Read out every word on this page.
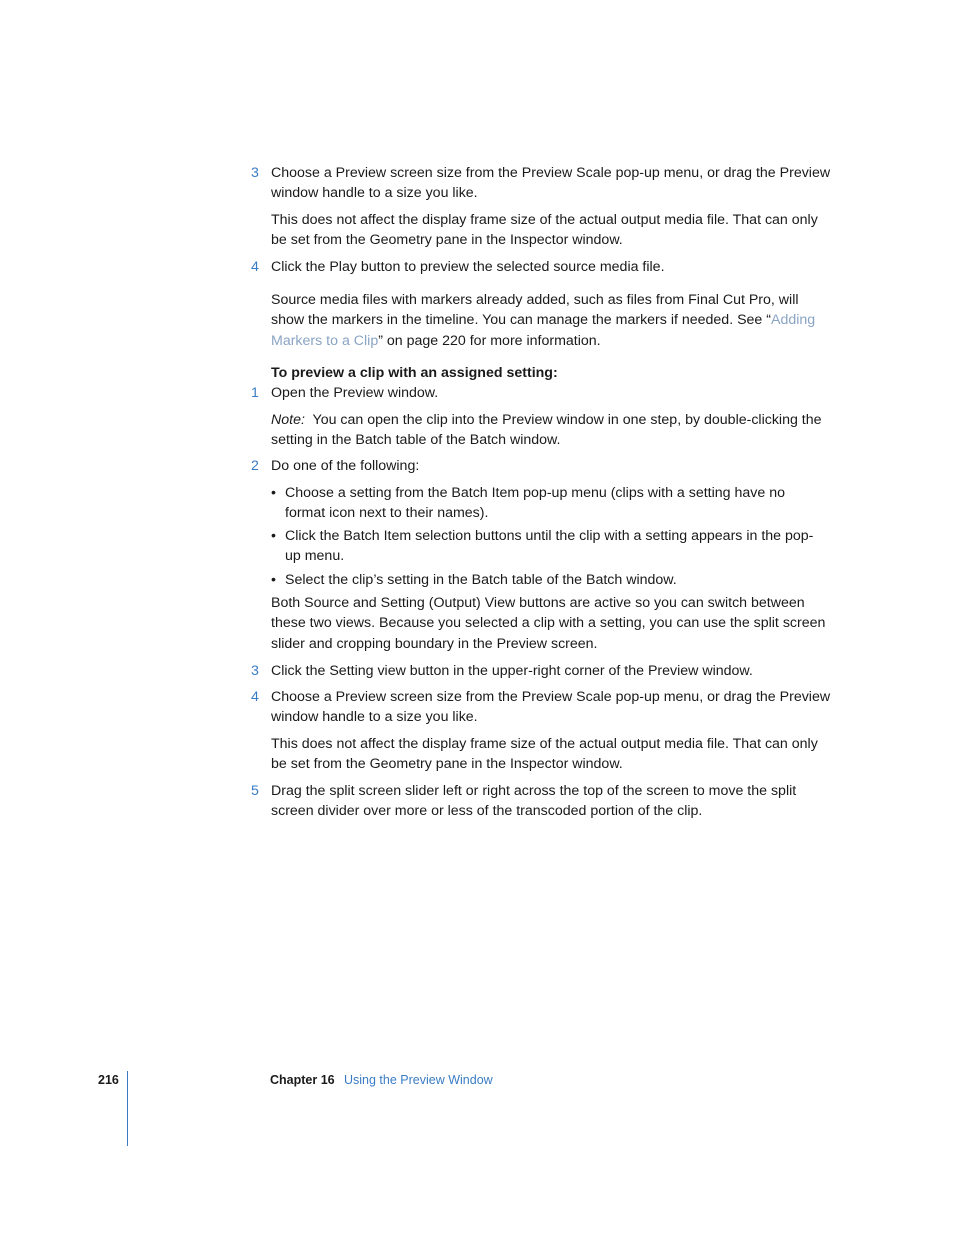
3 Choose a Preview screen size from the Preview Scale pop-up menu, or drag the Preview window handle to a size you like.

This does not affect the display frame size of the actual output media file. That can only be set from the Geometry pane in the Inspector window.

4 Click the Play button to preview the selected source media file.

Source media files with markers already added, such as files from Final Cut Pro, will show the markers in the timeline. You can manage the markers if needed. See “Adding Markers to a Clip” on page 220 for more information.

To preview a clip with an assigned setting:

1 Open the Preview window.

Note:  You can open the clip into the Preview window in one step, by double-clicking the setting in the Batch table of the Batch window.

2 Do one of the following:

• Choose a setting from the Batch Item pop-up menu (clips with a setting have no format icon next to their names).

• Click the Batch Item selection buttons until the clip with a setting appears in the pop-up menu.

• Select the clip’s setting in the Batch table of the Batch window.

Both Source and Setting (Output) View buttons are active so you can switch between these two views. Because you selected a clip with a setting, you can use the split screen slider and cropping boundary in the Preview screen.

3 Click the Setting view button in the upper-right corner of the Preview window.

4 Choose a Preview screen size from the Preview Scale pop-up menu, or drag the Preview window handle to a size you like.

This does not affect the display frame size of the actual output media file. That can only be set from the Geometry pane in the Inspector window.

5 Drag the split screen slider left or right across the top of the screen to move the split screen divider over more or less of the transcoded portion of the clip.

216	Chapter 16 Using the Preview Window
